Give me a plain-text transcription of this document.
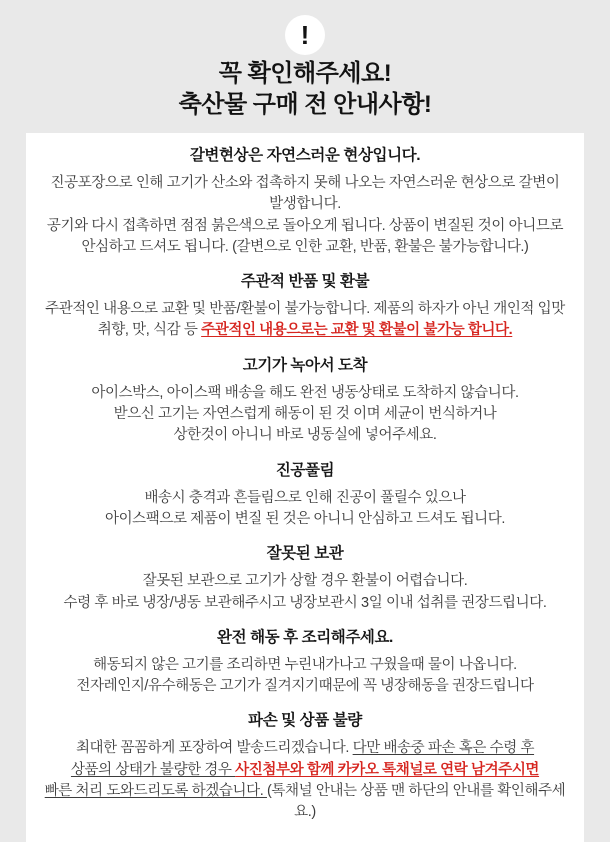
!
꼭 확인해주세요!
축산물 구매 전 안내사항!
갈변현상은 자연스러운 현상입니다.

진공포장으로 인해 고기가 산소와 접촉하지 못해 나오는 자연스러운 현상으로 갈변이 발생합니다.
공기와 다시 접촉하면 점점 붉은색으로 돌아오게 됩니다. 상품이 변질된 것이 아니므로
안심하고 드셔도 됩니다. (갈변으로 인한 교환, 반품, 환불은 불가능합니다.)

주관적 반품 및 환불

주관적인 내용으로 교환 및 반품/환불이 불가능합니다. 제품의 하자가 아닌 개인적 입맛
취향, 맛, 식감 등 주관적인 내용으로는 교환 및 환불이 불가능 합니다.

고기가 녹아서 도착

아이스박스, 아이스팩 배송을 해도 완전 냉동상태로 도착하지 않습니다.
받으신 고기는 자연스럽게 해동이 된 것 이며 세균이 번식하거나
상한것이 아니니 바로 냉동실에 넣어주세요.

진공풀림

배송시 충격과 흔들림으로 인해 진공이 풀릴수 있으나
아이스팩으로 제품이 변질 된 것은 아니니 안심하고 드셔도 됩니다.

잘못된 보관

잘못된 보관으로 고기가 상할 경우 환불이 어렵습니다.
수령 후 바로 냉장/냉동 보관해주시고 냉장보관시 3일 이내 섭취를 권장드립니다.

완전 해동 후 조리해주세요.

해동되지 않은 고기를 조리하면 누린내가나고 구웠을때 물이 나옵니다.
전자레인지/유수해동은 고기가 질겨지기때문에 꼭 냉장해동을 권장드립니다

파손 및 상품 불량

최대한 꼼꼼하게 포장하여 발송드리겠습니다. 다만 배송중 파손 혹은 수령 후
상품의 상태가 불량한 경우 사진첨부와 함께 카카오 톡채널로 연락 남겨주시면
빠른 처리 도와드리도록 하겠습니다. (톡채널 안내는 상품 맨 하단의 안내를 확인해주세요.)
